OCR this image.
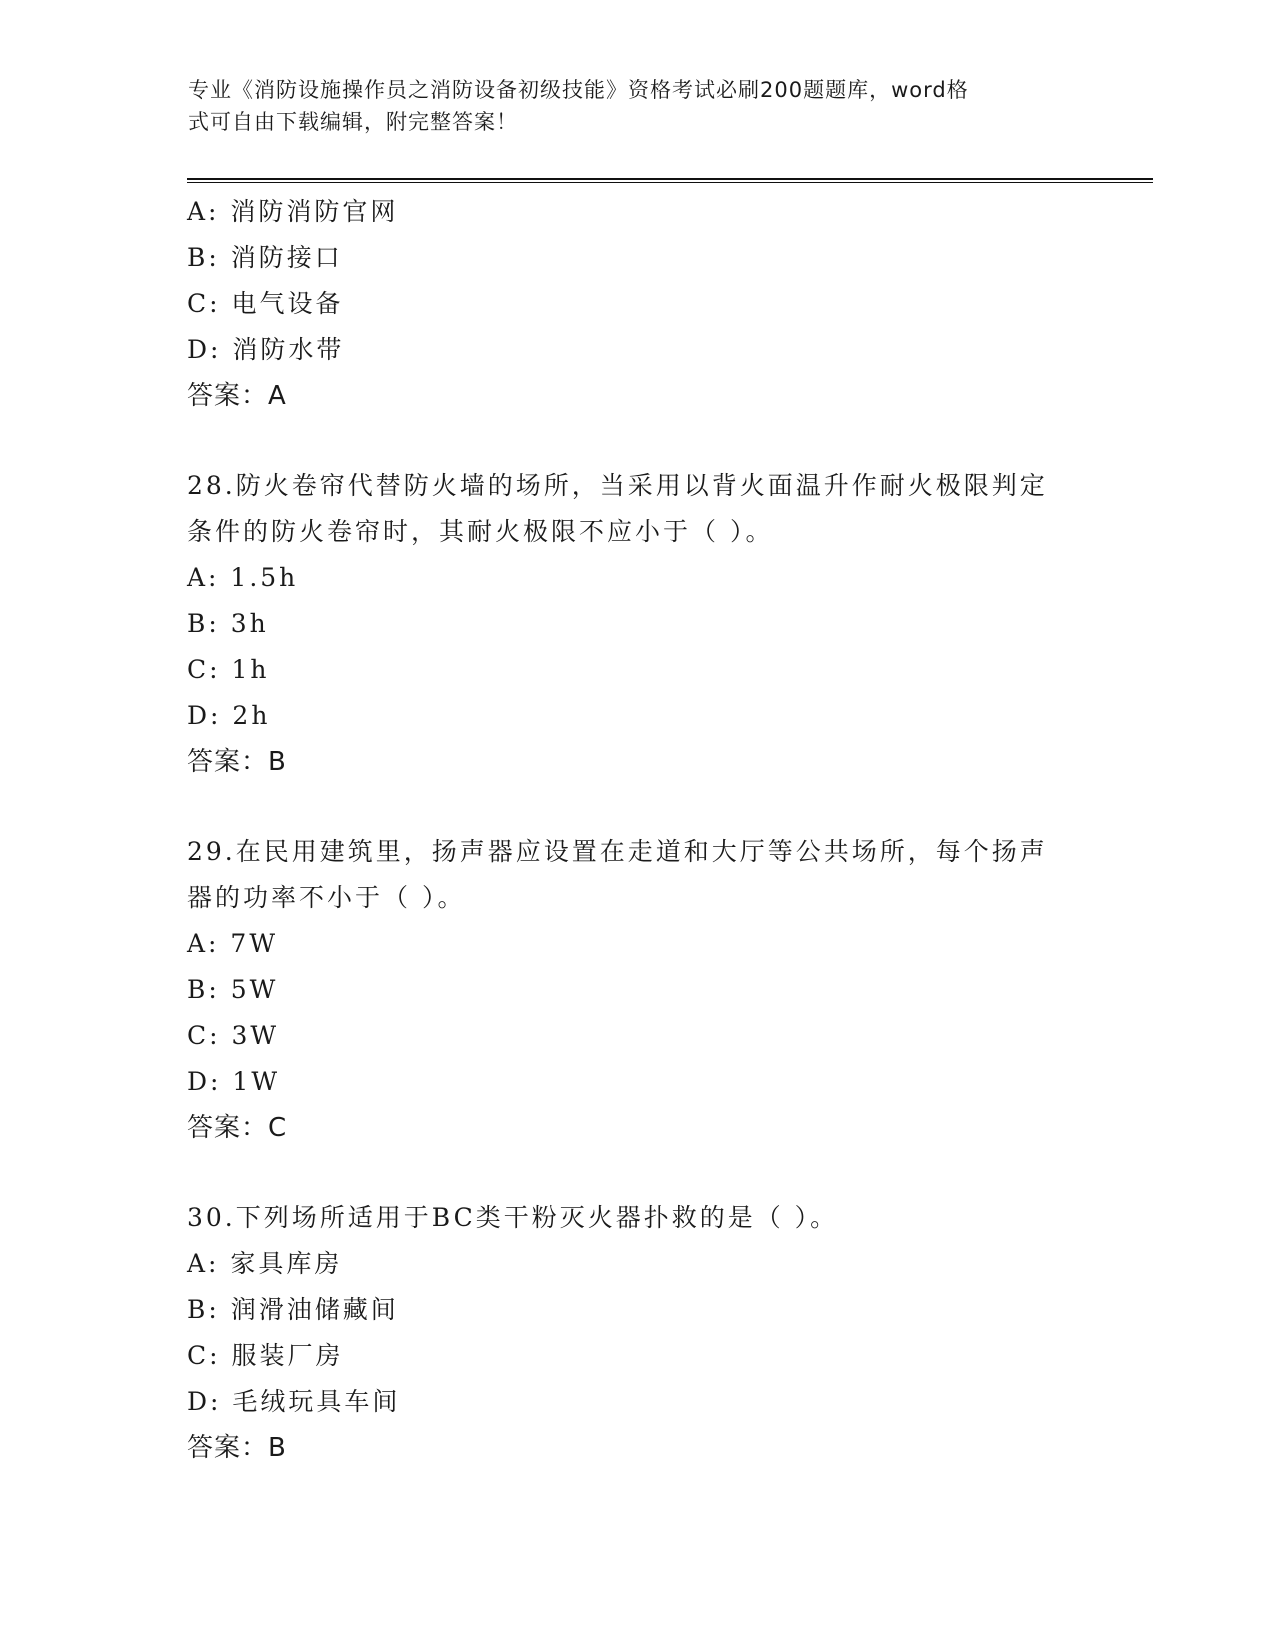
专业《消防设施操作员之消防设备初级技能》资格考试必刷200题题库，word格
式可自由下载编辑，附完整答案！
A: 消防消防官网
B: 消防接口
C: 电气设备
D: 消防水带
答案：A
28.防火卷帘代替防火墙的场所，当采用以背火面温升作耐火极限判定
条件的防火卷帘时，其耐火极限不应小于（ ）。
A: 1.5h
B: 3h
C: 1h
D: 2h
答案：B
29.在民用建筑里，扬声器应设置在走道和大厅等公共场所，每个扬声
器的功率不小于（ ）。
A: 7W
B: 5W
C: 3W
D: 1W
答案：C
30.下列场所适用于BC类干粉灭火器扑救的是（ ）。
A: 家具库房
B: 润滑油储藏间
C: 服装厂房
D: 毛绒玩具车间
答案：B
